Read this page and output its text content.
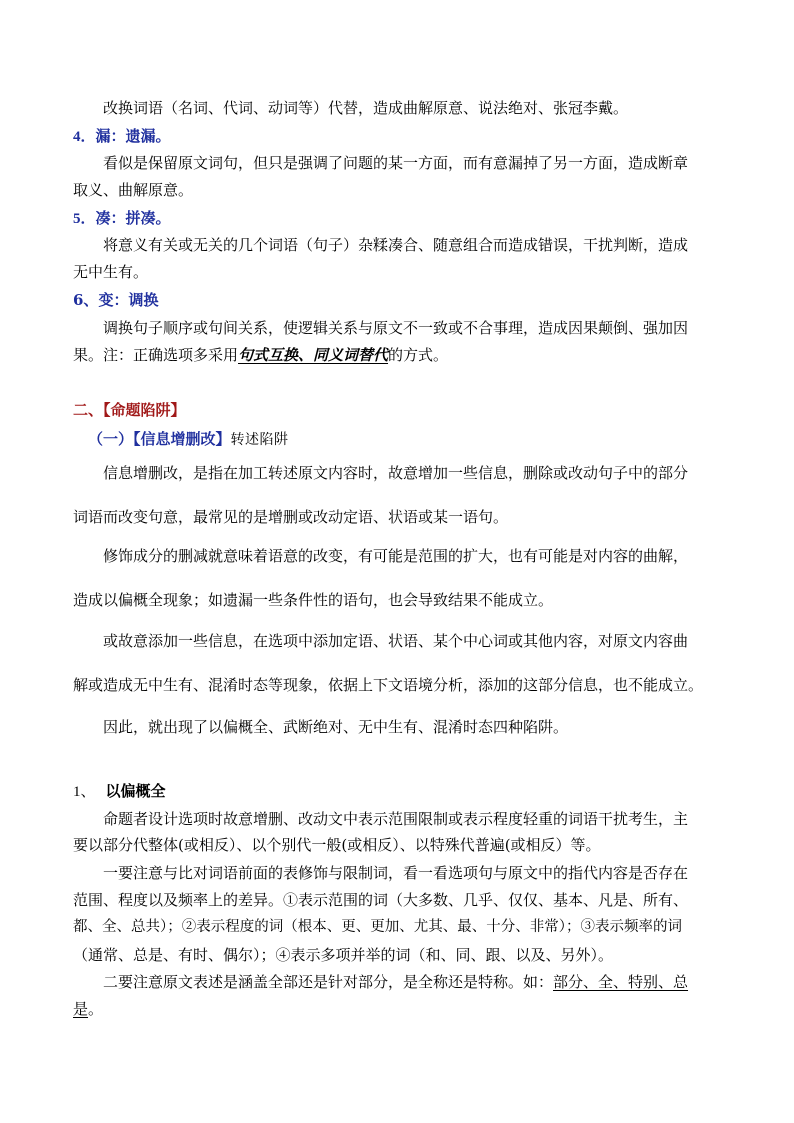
改换词语（名词、代词、动词等）代替，造成曲解原意、说法绝对、张冠李戴。
4．漏：遗漏。
看似是保留原文词句，但只是强调了问题的某一方面，而有意漏掉了另一方面，造成断章
取义、曲解原意。
5．凑：拼凑。
将意义有关或无关的几个词语（句子）杂糅凑合、随意组合而造成错误，干扰判断，造成
无中生有。
6、变：调换
调换句子顺序或句间关系，使逻辑关系与原文不一致或不合事理，造成因果颠倒、强加因
果。注：正确选项多采用句式互换、同义词替代的方式。
二、【命题陷阱】
（一）【信息增删改】转述陷阱
信息增删改，是指在加工转述原文内容时，故意增加一些信息，删除或改动句子中的部分
词语而改变句意，最常见的是增删或改动定语、状语或某一语句。
修饰成分的删减就意味着语意的改变，有可能是范围的扩大，也有可能是对内容的曲解，
造成以偏概全现象；如遗漏一些条件性的语句，也会导致结果不能成立。
或故意添加一些信息，在选项中添加定语、状语、某个中心词或其他内容，对原文内容曲
解或造成无中生有、混淆时态等现象，依据上下文语境分析，添加的这部分信息，也不能成立。
因此，就出现了以偏概全、武断绝对、无中生有、混淆时态四种陷阱。
1、 以偏概全
命题者设计选项时故意增删、改动文中表示范围限制或表示程度轻重的词语干扰考生，主
要以部分代整体(或相反）、以个别代一般(或相反）、以特殊代普遍(或相反）等。
一要注意与比对词语前面的表修饰与限制词，看一看选项句与原文中的指代内容是否存在
范围、程度以及频率上的差异。①表示范围的词（大多数、几乎、仅仅、基本、凡是、所有、
都、全、总共）；②表示程度的词（根本、更、更加、尤其、最、十分、非常）；③表示频率的词
（通常、总是、有时、偶尔）；④表示多项并举的词（和、同、跟、以及、另外）。
二要注意原文表述是涵盖全部还是针对部分，是全称还是特称。如：部分、全、特别、总
是。
